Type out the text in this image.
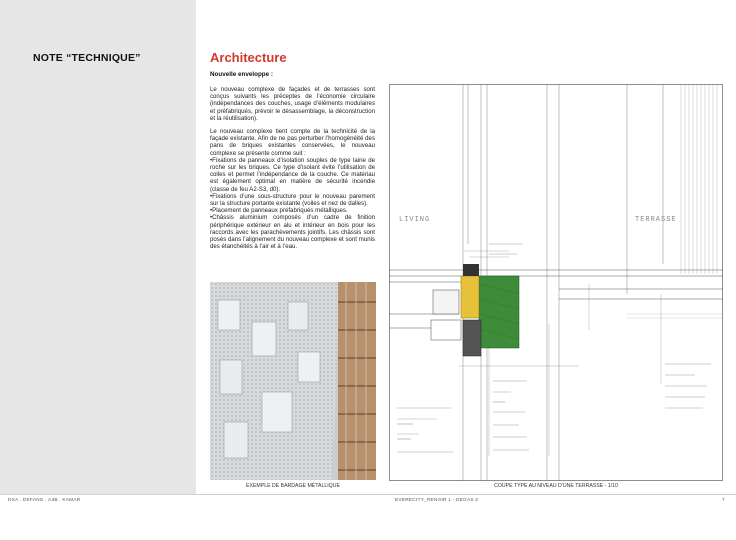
NOTE “TECHNIQUE”	Architecture
Nouvelle enveloppe :

Le nouveau complexe de façades et de terrasses sont conçus suivants les préceptes de l’économie circulaire (indépendances des couches, usage d’éléments modulaires et préfabriqués, prévoir le désassemblage, la déconstruction et la réutilisation).

Le nouveau complexe tient compte de la technicité de la façade existante. Afin de ne pas perturber l’homogénéité des pans de briques existantes conservées, le nouveau complexe se présente comme suit :
•Fixations de panneaux d’isolation souples de type laine de roche sur les briques. Ce type d’isolant évite l’utilisation de colles et permet l’indépendance de la couche. Ce matériau est également optimal en matière de sécurité incendie (classe de feu A2-S3, d0).
•Fixations d’une sous-structure pour le nouveau parement sur la structure portante existante (voiles et nez de dalles).
•Placement de panneaux préfabriqués métalliques.
•Châssis aluminium composés d’un cadre de finition périphérique extérieur en alu et intérieur en bois pour les raccords avec les parachèvements jointifs. Les châssis sont posés dans l’alignement du nouveau complexe et sont munis des étanchéités à l’air et à l’eau.

EXEMPLE DE BARDAGE MÉTALLIQUE
LIVING	TERRASSE
COUPE TYPE AU NIVEAU D’UNE TERRASSE - 1/10
DXA . DEFANG . A3B . KAMAR	EVERECITY_RENOIR 1 - DEGAS 2	7
